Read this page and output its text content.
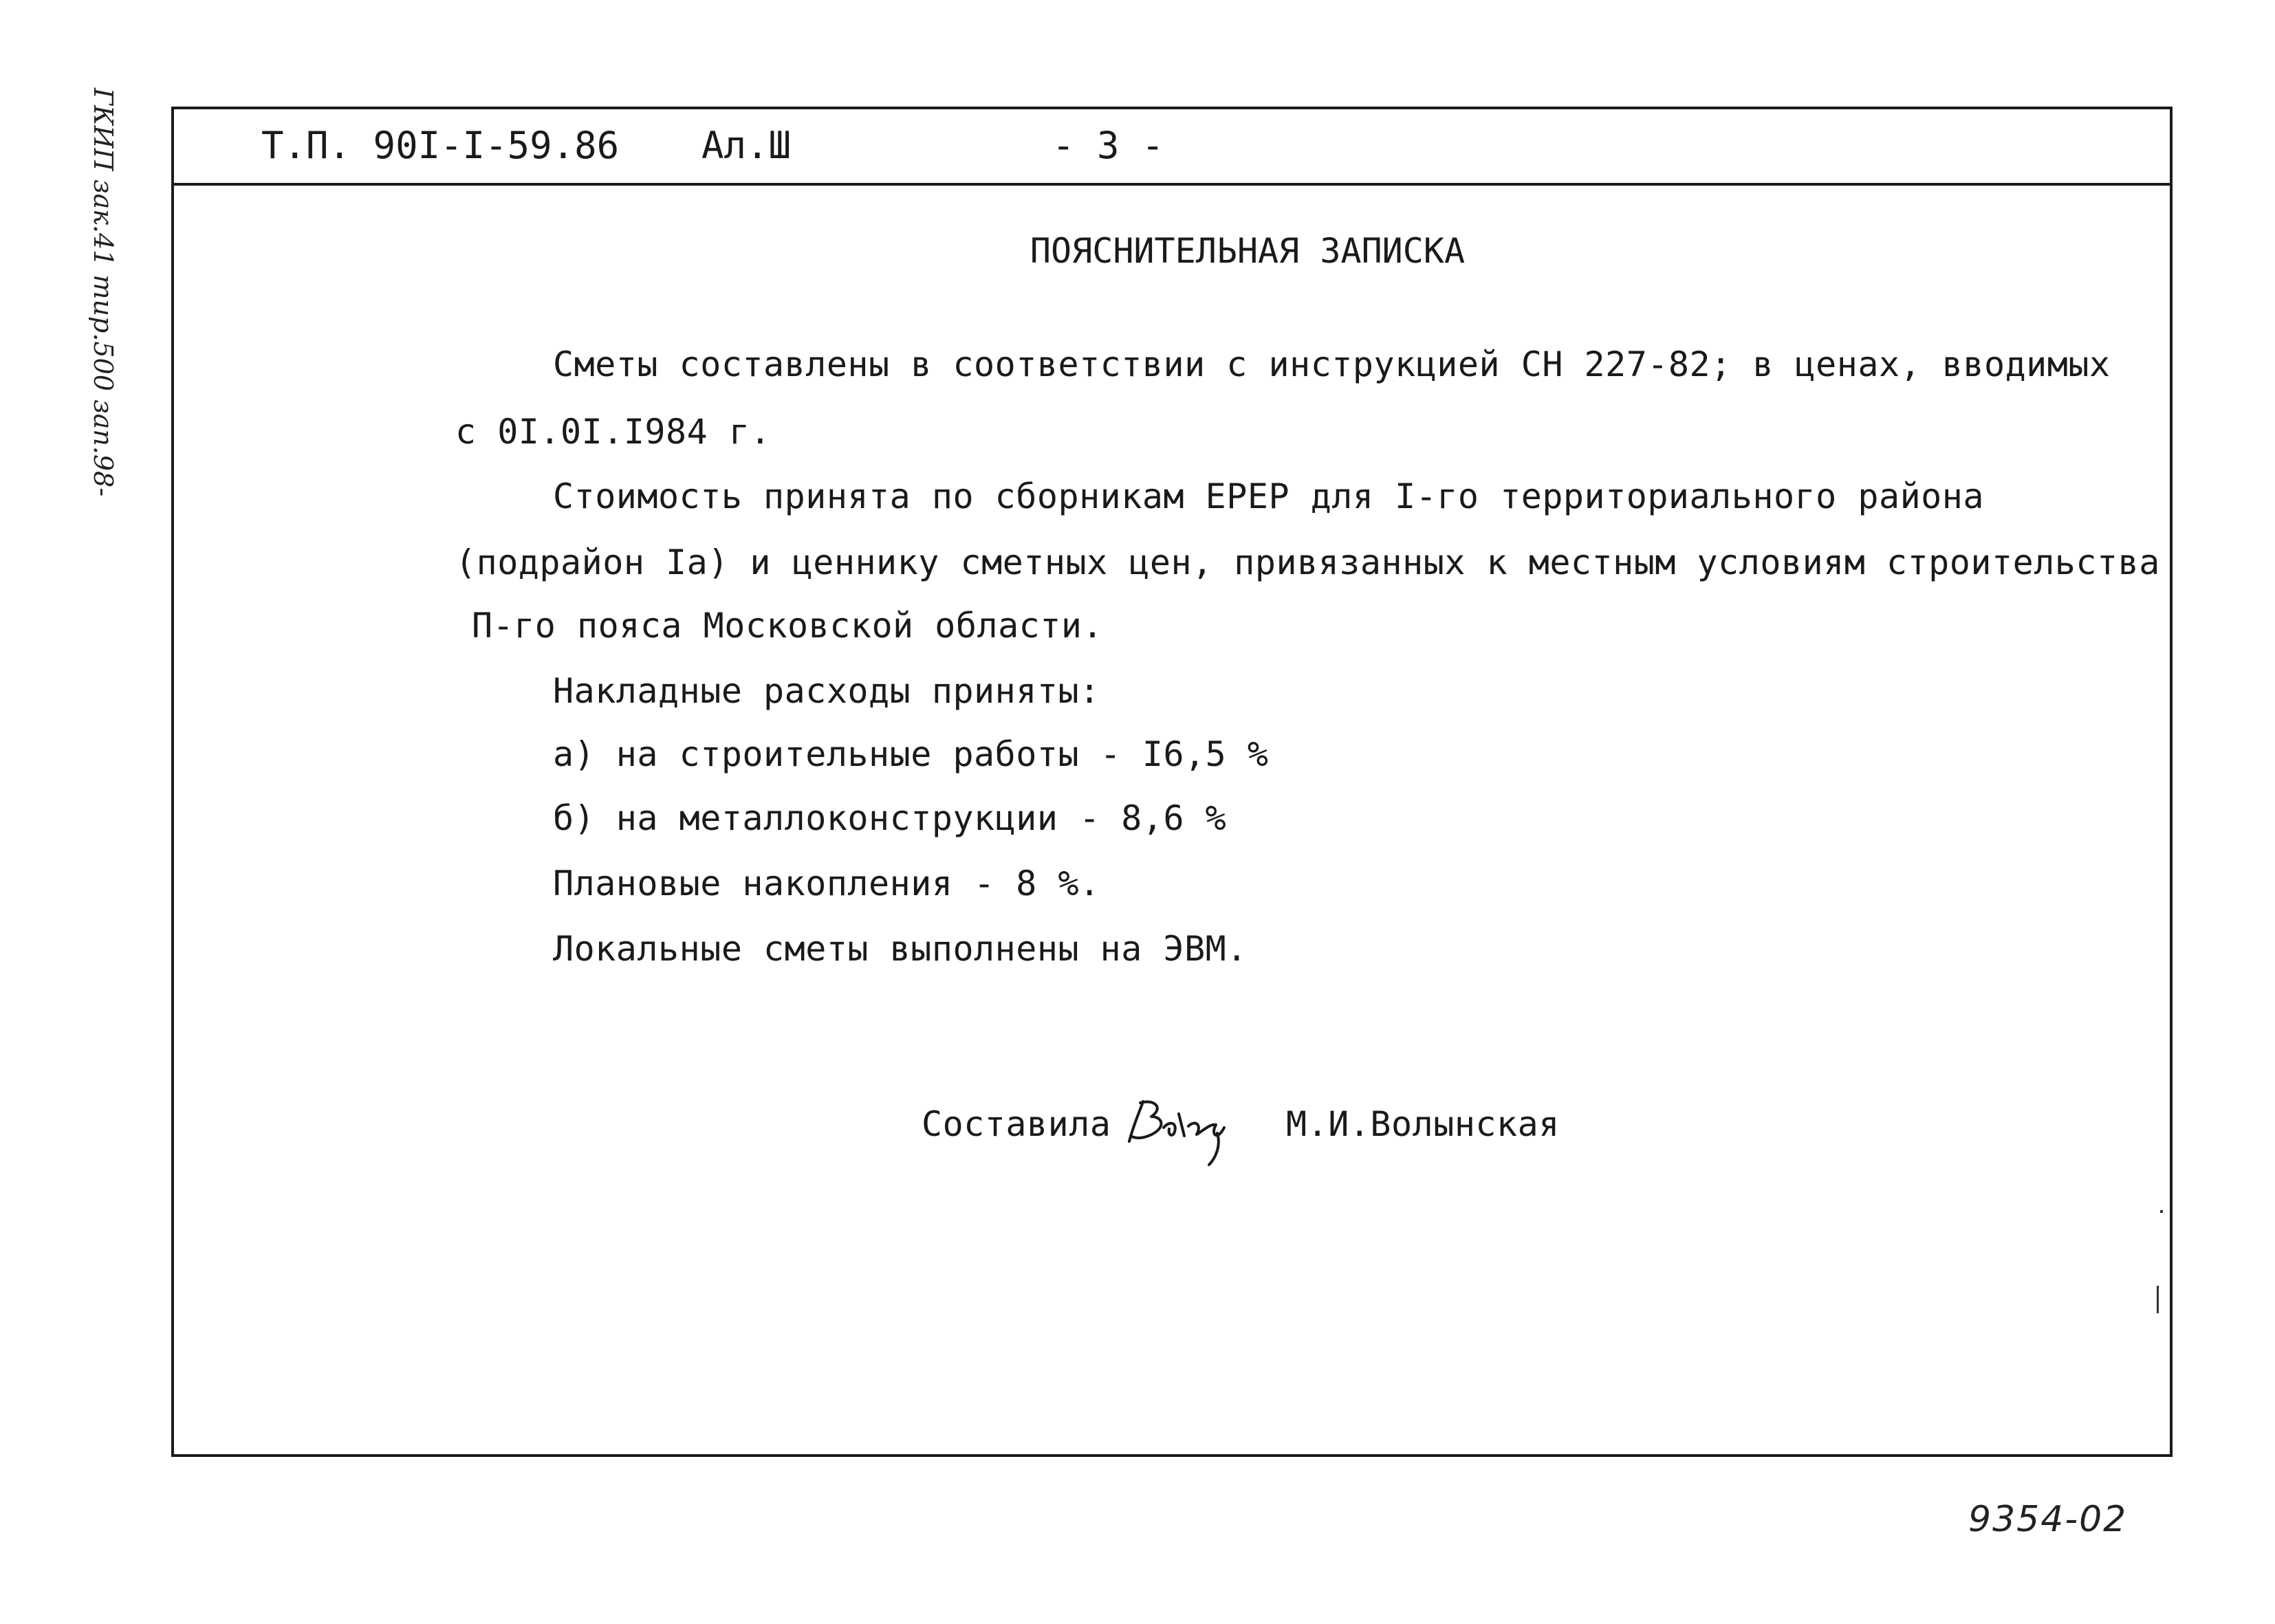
Т.П. 90I-I-59.86 Ал.Ш	- 3 -
ПОЯСНИТЕЛЬНАЯ ЗАПИСКА
Сметы составлены в соответствии с инструкцией СН 227-82; в ценах, вводимых
с 0I.0I.I984 г.
Стоимость принята по сборникам ЕРЕР для I-го территориального района
(подрайон Iа) и ценнику сметных цен, привязанных к местным условиям строительства
П-го пояса Московской области.
Накладные расходы приняты:
а) на строительные работы - I6,5 %
б) на металлоконструкции - 8,6 %
Плановые накопления - 8 %.
Локальные сметы выполнены на ЭВМ.
Составила	М.И.Волынская
ГКИП зак.41 тир.500 зап.98-
9354-02
